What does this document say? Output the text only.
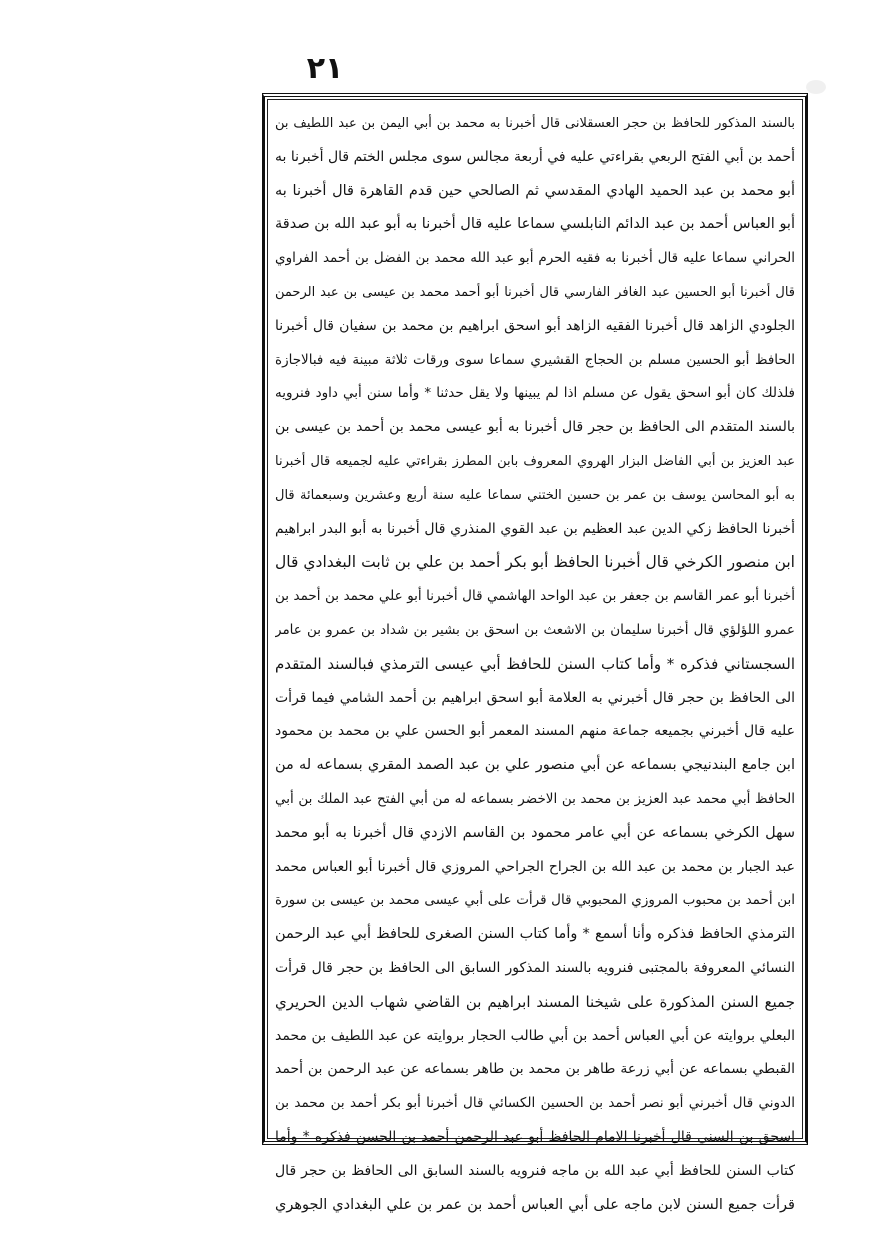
٢١
بالسند المذكور للحافظ بن حجر العسقلانى قال أخبرنا به محمد بن أبي اليمن بن عبد اللطيف بن
أحمد بن أبي الفتح الربعي بقراءتي عليه في أربعة مجالس سوى مجلس الختم قال أخبرنا به
أبو محمد بن عبد الحميد الهادي المقدسي ثم الصالحي حين قدم القاهرة قال أخبرنا به
أبو العباس أحمد بن عبد الدائم النابلسي سماعا عليه قال أخبرنا به أبو عبد الله بن صدقة
الحراني سماعا عليه قال أخبرنا به فقيه الحرم أبو عبد الله محمد بن الفضل بن أحمد الفراوي
قال أخبرنا أبو الحسين عبد الغافر الفارسي قال أخبرنا أبو أحمد محمد بن عيسى بن عبد الرحمن
الجلودي الزاهد قال أخبرنا الفقيه الزاهد أبو اسحق ابراهيم بن محمد بن سفيان قال أخبرنا
الحافظ أبو الحسين مسلم بن الحجاج القشيري سماعا سوى ورقات ثلاثة مبينة فيه فبالاجازة
فلذلك كان أبو اسحق يقول عن مسلم اذا لم يبينها ولا يقل حدثنا * وأما سنن أبي داود فنرويه
بالسند المتقدم الى الحافظ بن حجر قال أخبرنا به أبو عيسى محمد بن أحمد بن عيسى بن
عبد العزيز بن أبي الفاضل البزار الهروي المعروف بابن المطرز بقراءتي عليه لجميعه قال أخبرنا
به أبو المحاسن يوسف بن عمر بن حسين الختني سماعا عليه سنة أربع وعشرين وسبعمائة قال
أخبرنا الحافظ زكي الدين عبد العظيم بن عبد القوي المنذري قال أخبرنا به أبو البدر ابراهيم
ابن منصور الكرخي قال أخبرنا الحافظ أبو بكر أحمد بن علي بن ثابت البغدادي قال
أخبرنا أبو عمر القاسم بن جعفر بن عبد الواحد الهاشمي قال أخبرنا أبو علي محمد بن أحمد بن
عمرو اللؤلؤي قال أخبرنا سليمان بن الاشعث بن اسحق بن بشير بن شداد بن عمرو بن عامر
السجستاني فذكره * وأما كتاب السنن للحافظ أبي عيسى الترمذي فبالسند المتقدم
الى الحافظ بن حجر قال أخبرني به العلامة أبو اسحق ابراهيم بن أحمد الشامي فيما قرأت
عليه قال أخبرني بجميعه جماعة منهم المسند المعمر أبو الحسن علي بن محمد بن محمود
ابن جامع البندنيجي بسماعه عن أبي منصور علي بن عبد الصمد المقري بسماعه له من
الحافظ أبي محمد عبد العزيز بن محمد بن الاخضر بسماعه له من أبي الفتح عبد الملك بن أبي
سهل الكرخي بسماعه عن أبي عامر محمود بن القاسم الازدي قال أخبرنا به أبو محمد
عبد الجبار بن محمد بن عبد الله بن الجراح الجراحي المروزي قال أخبرنا أبو العباس محمد
ابن أحمد بن محبوب المروزي المحبوبي قال قرأت على أبي عيسى محمد بن عيسى بن سورة
الترمذي الحافظ فذكره وأنا أسمع * وأما كتاب السنن الصغرى للحافظ أبي عبد الرحمن
النسائي المعروفة بالمجتبى فنرويه بالسند المذكور السابق الى الحافظ بن حجر قال قرأت
جميع السنن المذكورة على شيخنا المسند ابراهيم بن القاضي شهاب الدين الحريري
البعلي بروايته عن أبي العباس أحمد بن أبي طالب الحجار بروايته عن عبد اللطيف بن محمد
القبطي بسماعه عن أبي زرعة طاهر بن محمد بن طاهر بسماعه عن عبد الرحمن بن أحمد
الدوني قال أخبرني أبو نصر أحمد بن الحسين الكسائي قال أخبرنا أبو بكر أحمد بن محمد بن
اسحق بن السني قال أخبرنا الامام الحافظ أبو عبد الرحمن أحمد بن الحسن فذكره * وأما
كتاب السنن للحافظ أبي عبد الله بن ماجه فنرويه بالسند السابق الى الحافظ بن حجر قال
قرأت جميع السنن لابن ماجه على أبي العباس أحمد بن عمر بن علي البغدادي الجوهري
